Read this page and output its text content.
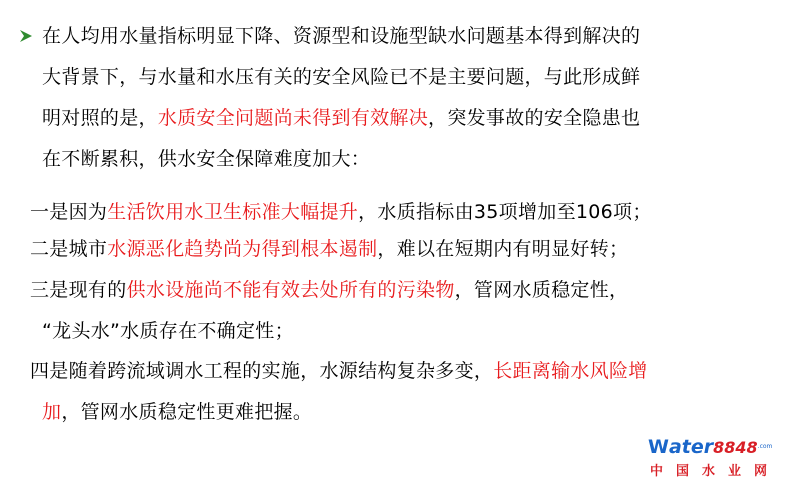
在人均用水量指标明显下降、资源型和设施型缺水问题基本得到解决的
大背景下，与水量和水压有关的安全风险已不是主要问题，与此形成鲜
明对照的是，水质安全问题尚未得到有效解决，突发事故的安全隐患也
在不断累积，供水安全保障难度加大：
一是因为生活饮用水卫生标准大幅提升，水质指标由35项增加至106项；
二是城市水源恶化趋势尚为得到根本遏制，难以在短期内有明显好转；
三是现有的供水设施尚不能有效去处所有的污染物，管网水质稳定性，
“龙头水”水质存在不确定性；
四是随着跨流域调水工程的实施，水源结构复杂多变，长距离输水风险增
加，管网水质稳定性更难把握。
$Water8848^{.com}$
中国水业网
